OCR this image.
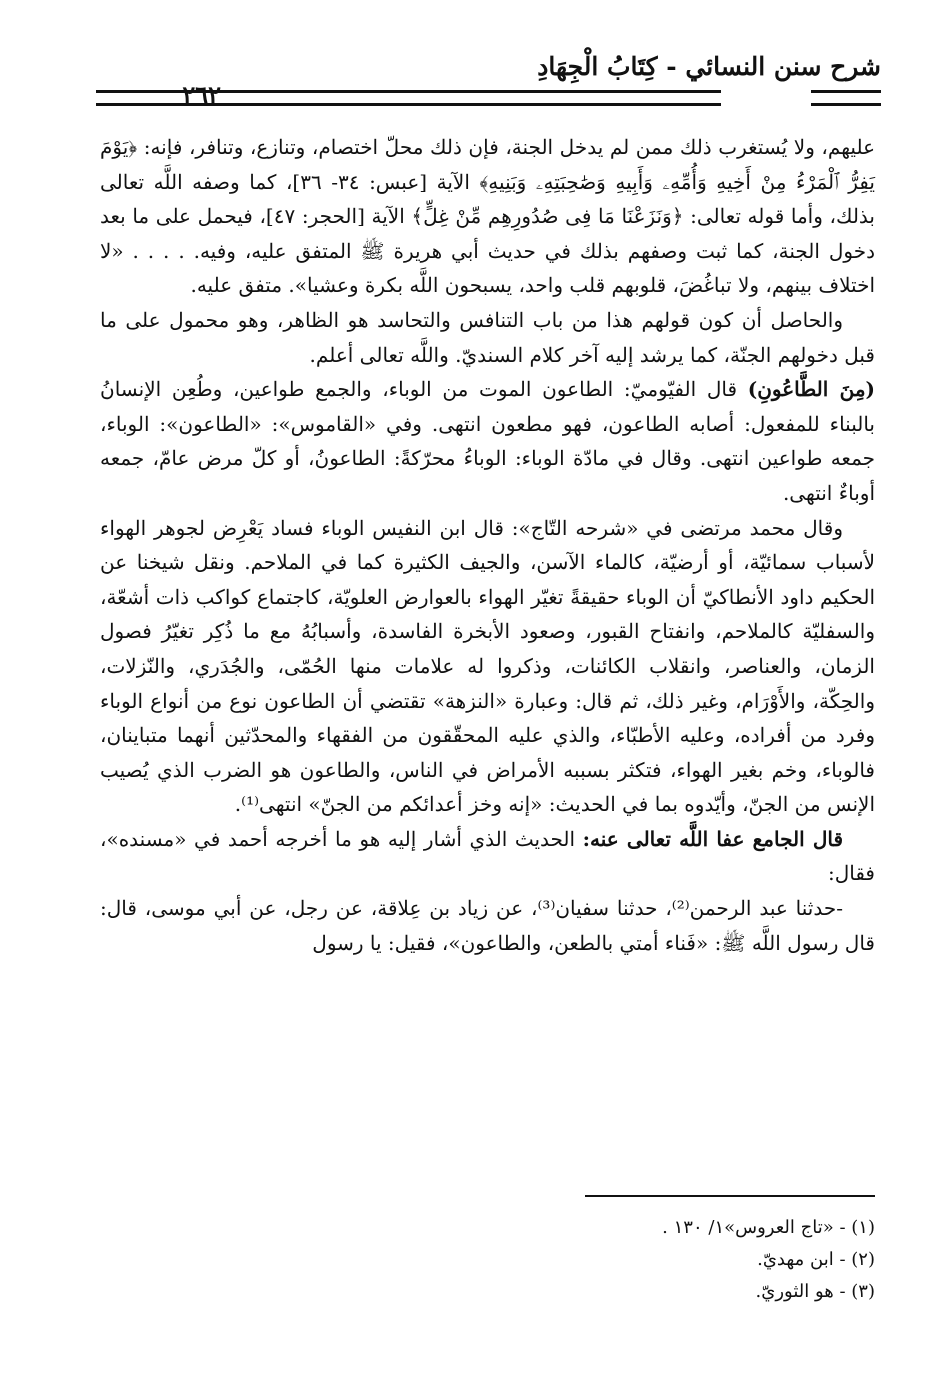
شرح سنن النسائي - كِتَابُ الْجِهَادِ
٢٦٢

عليهم، ولا يُستغرب ذلك ممن لم يدخل الجنة، فإن ذلك محلّ اختصام، وتنازع، وتنافر، فإنه: ﴿يَوْمَ يَفِرُّ ٱلْمَرْءُ مِنْ أَخِيهِ وَأُمِّهِۦ وَأَبِيهِ وَصَٰحِبَتِهِۦ وَبَنِيهِ﴾ الآية [عبس: ٣٤- ٣٦]، كما وصفه اللَّه تعالى بذلك، وأما قوله تعالى: ﴿وَنَزَعْنَا مَا فِى صُدُورِهِم مِّنْ غِلٍّ﴾ الآية [الحجر: ٤٧]، فيحمل على ما بعد دخول الجنة، كما ثبت وصفهم بذلك في حديث أبي هريرة ﷺ المتفق عليه، وفيه. . . . . «لا اختلاف بينهم، ولا تباغُضَ، قلوبهم قلب واحد، يسبحون اللَّه بكرة وعشيا». متفق عليه.

والحاصل أن كون قولهم هذا من باب التنافس والتحاسد هو الظاهر، وهو محمول على ما قبل دخولهم الجنّة، كما يرشد إليه آخر كلام السنديّ. واللَّه تعالى أعلم.

(مِنَ الطَّاعُونِ) قال الفيّوميّ: الطاعون الموت من الوباء، والجمع طواعين، وطُعِن الإنسانُ بالبناء للمفعول: أصابه الطاعون، فهو مطعون انتهى. وفي «القاموس»: «الطاعون»: الوباء، جمعه طواعين انتهى. وقال في مادّة الوباء: الوباءُ محرّكةً: الطاعونُ، أو كلّ مرض عامّ، جمعه أوباءٌ انتهى.

وقال محمد مرتضى في «شرحه التّاج»: قال ابن النفيس الوباء فساد يَعْرِض لجوهر الهواء لأسباب سمائيّة، أو أرضيّة، كالماء الآسن، والجيف الكثيرة كما في الملاحم. ونقل شيخنا عن الحكيم داود الأنطاكيّ أن الوباء حقيقةً تغيّر الهواء بالعوارض العلويّة، كاجتماع كواكب ذات أشعّة، والسفليّة كالملاحم، وانفتاح القبور، وصعود الأبخرة الفاسدة، وأسبابُهُ مع ما ذُكِر تغيّرُ فصول الزمان، والعناصر، وانقلاب الكائنات، وذكروا له علامات منها الحُمّى، والجُدَري، والنّزلات، والحِكّة، والأَوْرَام، وغير ذلك، ثم قال: وعبارة «النزهة» تقتضي أن الطاعون نوع من أنواع الوباء وفرد من أفراده، وعليه الأطبّاء، والذي عليه المحقّقون من الفقهاء والمحدّثين أنهما متباينان، فالوباء، وخم بغير الهواء، فتكثر بسببه الأمراض في الناس، والطاعون هو الضرب الذي يُصيب الإنس من الجنّ، وأيّدوه بما في الحديث: «إنه وخز أعدائكم من الجنّ» انتهى⁽¹⁾.

قال الجامع عفا اللَّه تعالى عنه: الحديث الذي أشار إليه هو ما أخرجه أحمد في «مسنده»، فقال:

-حدثنا عبد الرحمن⁽²⁾، حدثنا سفيان⁽³⁾، عن زياد بن عِلاقة، عن رجل، عن أبي موسى، قال: قال رسول اللَّه ﷺ: «فَناء أمتي بالطعن، والطاعون»، فقيل: يا رسول

(١) - «تاج العروس»١/ ١٣٠ .
(٢) - ابن مهديّ.
(٣) - هو الثوريّ.
